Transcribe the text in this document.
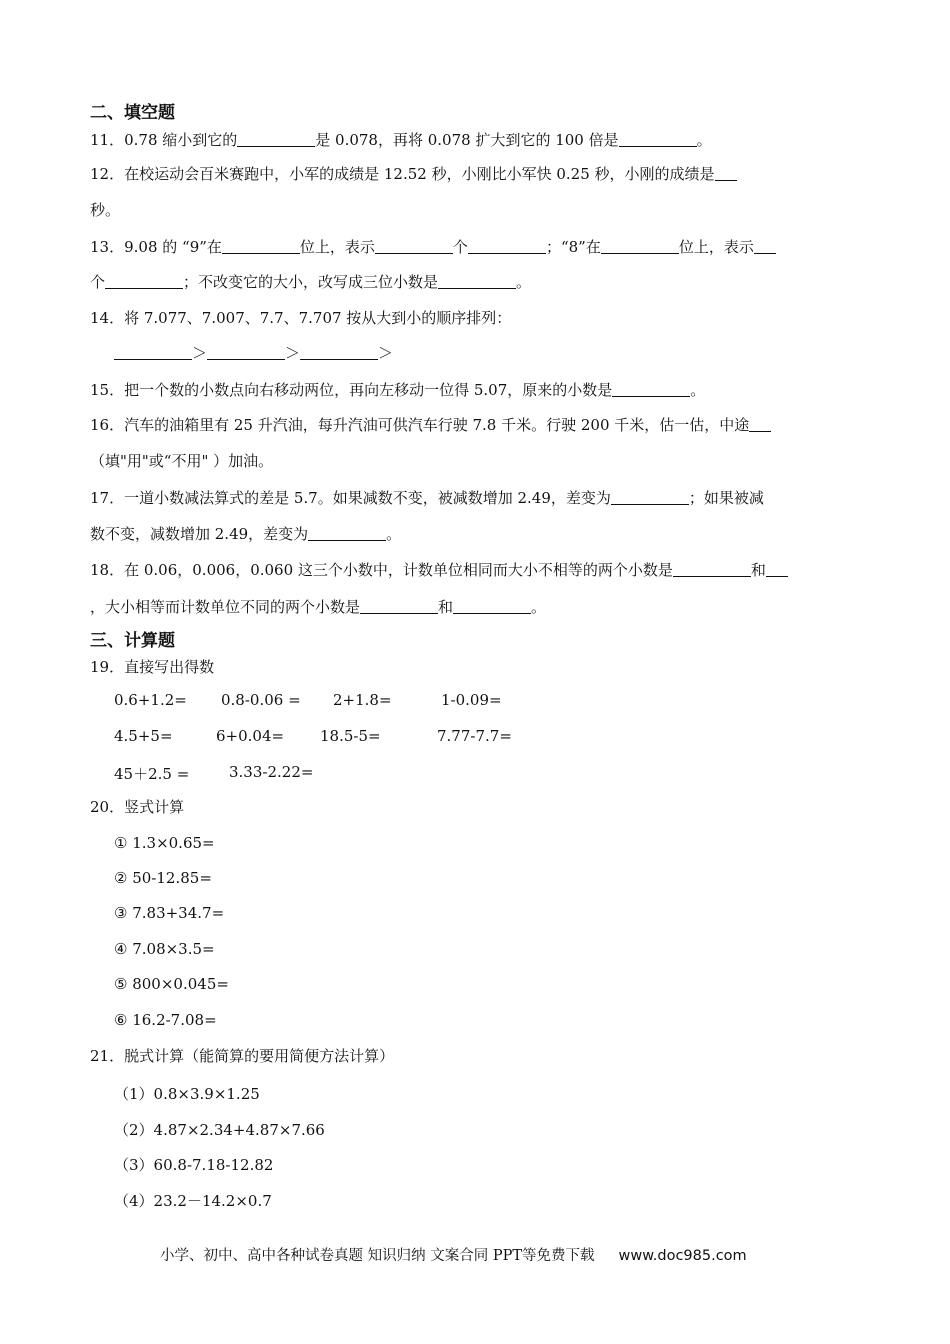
二、填空题
11．0.78 缩小到它的	是 0.078，再将 0.078 扩大到它的 100 倍是	。
12．在校运动会百米赛跑中，小军的成绩是 12.52 秒，小刚比小军快 0.25 秒，小刚的成绩是
秒。
13．9.08 的 “9”在	位上，表示	个	；“8”在	位上，表示
个	；不改变它的大小，改写成三位小数是	。
14．将 7.077、7.007、7.7、7.707 按从大到小的顺序排列：
＞	＞	＞
15．把一个数的小数点向右移动两位，再向左移动一位得 5.07，原来的小数是	。
16．汽车的油箱里有 25 升汽油，每升汽油可供汽车行驶 7.8 千米。行驶 200 千米，估一估，中途
（填"用"或“不用" ）加油。
17．一道小数减法算式的差是 5.7。如果减数不变，被减数增加 2.49，差变为	；如果被减
数不变，减数增加 2.49，差变为	。
18．在 0.06，0.006，0.060 这三个小数中，计数单位相同而大小不相等的两个小数是	和
，大小相等而计数单位不同的两个小数是	和	。
三、计算题
19．直接写出得数
0.6+1.2= 0.8-0.06 = 2+1.8=	1-0.09=
4.5+5=	6+0.04= 18.5-5=	7.77-7.7=
45＋2.5 =	3.33-2.22=
20．竖式计算
① 1.3×0.65=
② 50-12.85=
③ 7.83+34.7=
④ 7.08×3.5=
⑤ 800×0.045=
⑥ 16.2-7.08=
21．脱式计算（能简算的要用简便方法计算）
（1）0.8×3.9×1.25
（2）4.87×2.34+4.87×7.66
（3）60.8-7.18-12.82
（4）23.2－14.2×0.7
小学、初中、高中各种试卷真题 知识归纳 文案合同 PPT等免费下载 www.doc985.com
